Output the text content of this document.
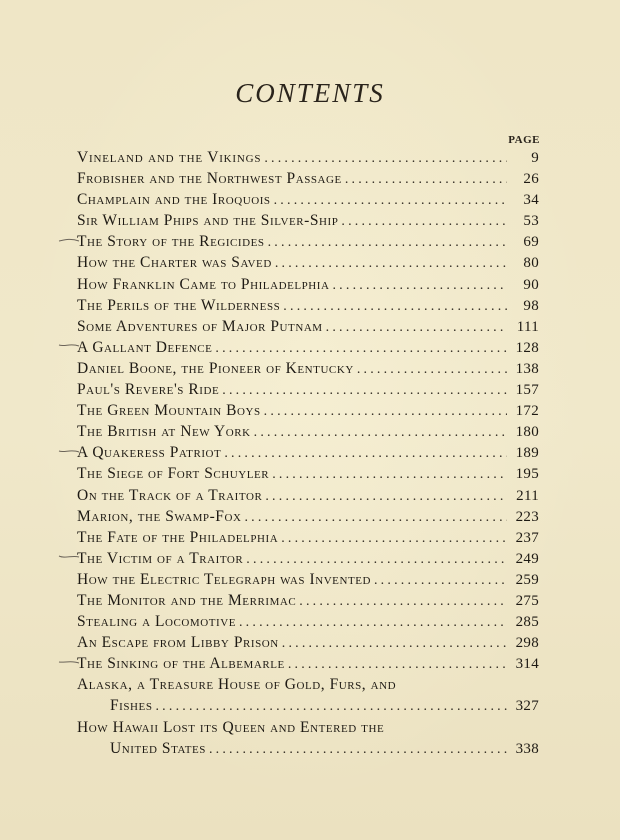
CONTENTS
PAGE
Vineland and the Vikings .....	9
Frobisher and the Northwest Passage .....	26
Champlain and the Iroquois .....	34
Sir William Phips and the Silver-Ship .....	53
The Story of the Regicides .....	69
How the Charter was Saved .....	80
How Franklin Came to Philadelphia .....	90
The Perils of the Wilderness .....	98
Some Adventures of Major Putnam .....	111
A Gallant Defence .....	128
Daniel Boone, the Pioneer of Kentucky .....	138
Paul's Revere's Ride .....	157
The Green Mountain Boys .....	172
The British at New York .....	180
A Quakeress Patriot .....	189
The Siege of Fort Schuyler .....	195
On the Track of a Traitor .....	211
Marion, the Swamp-Fox .....	223
The Fate of the Philadelphia .....	237
The Victim of a Traitor .....	249
How the Electric Telegraph was Invented .....	259
The Monitor and the Merrimac .....	275
Stealing a Locomotive .....	285
An Escape from Libby Prison .....	298
The Sinking of the Albemarle .....	314
Alaska, a Treasure House of Gold, Furs, and
Fishes .....	327
How Hawaii Lost its Queen and Entered the
United States .....	338
